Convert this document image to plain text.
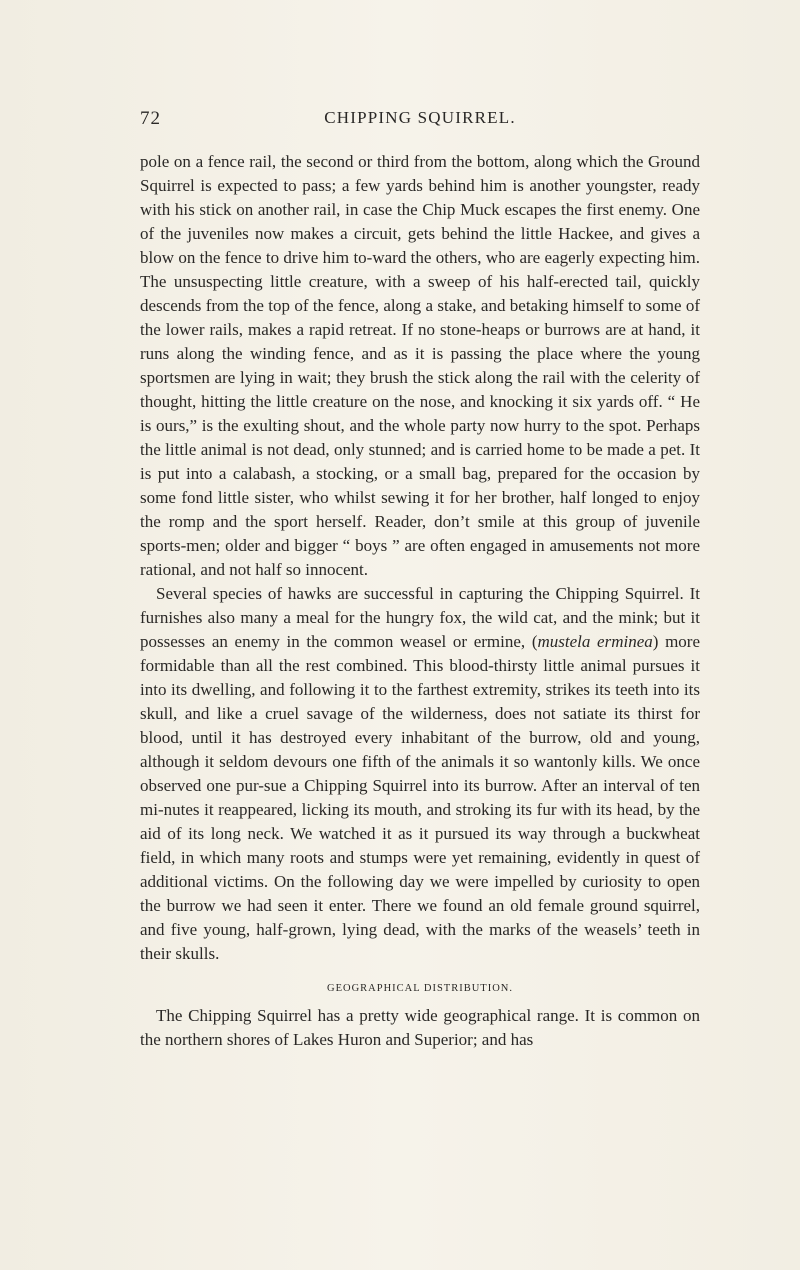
72	CHIPPING SQUIRREL.

pole on a fence rail, the second or third from the bottom, along which the Ground Squirrel is expected to pass; a few yards behind him is another youngster, ready with his stick on another rail, in case the Chip Muck escapes the first enemy. One of the juveniles now makes a circuit, gets behind the little Hackee, and gives a blow on the fence to drive him to-ward the others, who are eagerly expecting him. The unsuspecting little creature, with a sweep of his half-erected tail, quickly descends from the top of the fence, along a stake, and betaking himself to some of the lower rails, makes a rapid retreat. If no stone-heaps or burrows are at hand, it runs along the winding fence, and as it is passing the place where the young sportsmen are lying in wait; they brush the stick along the rail with the celerity of thought, hitting the little creature on the nose, and knocking it six yards off. “ He is ours,” is the exulting shout, and the whole party now hurry to the spot. Perhaps the little animal is not dead, only stunned; and is carried home to be made a pet. It is put into a calabash, a stocking, or a small bag, prepared for the occasion by some fond little sister, who whilst sewing it for her brother, half longed to enjoy the romp and the sport herself. Reader, don’t smile at this group of juvenile sports-men; older and bigger “ boys ” are often engaged in amusements not more rational, and not half so innocent.

Several species of hawks are successful in capturing the Chipping Squirrel. It furnishes also many a meal for the hungry fox, the wild cat, and the mink; but it possesses an enemy in the common weasel or ermine, (mustela erminea) more formidable than all the rest combined. This blood-thirsty little animal pursues it into its dwelling, and following it to the farthest extremity, strikes its teeth into its skull, and like a cruel savage of the wilderness, does not satiate its thirst for blood, until it has destroyed every inhabitant of the burrow, old and young, although it seldom devours one fifth of the animals it so wantonly kills. We once observed one pur-sue a Chipping Squirrel into its burrow. After an interval of ten mi-nutes it reappeared, licking its mouth, and stroking its fur with its head, by the aid of its long neck. We watched it as it pursued its way through a buckwheat field, in which many roots and stumps were yet remaining, evidently in quest of additional victims. On the following day we were impelled by curiosity to open the burrow we had seen it enter. There we found an old female ground squirrel, and five young, half-grown, lying dead, with the marks of the weasels’ teeth in their skulls.

GEOGRAPHICAL DISTRIBUTION.

The Chipping Squirrel has a pretty wide geographical range. It is common on the northern shores of Lakes Huron and Superior; and has
